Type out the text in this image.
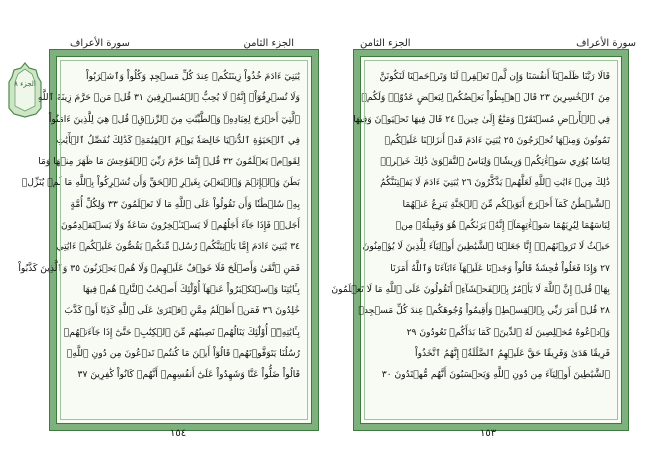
الجزء الثامن
سورة الأعراف
الجزء ٨
يَٰبَنِيٓ ءَادَمَ خُذُواْ زِينَتَكُمۡ عِندَ كُلِّ مَسۡجِدٖ وَكُلُواْ وَٱشۡرَبُواْ
وَلَا تُسۡرِفُوٓاْۚ إِنَّهُۥ لَا يُحِبُّ ٱلۡمُسۡرِفِينَ ٣١ قُلۡ مَنۡ حَرَّمَ زِينَةَ ٱللَّهِ
ٱلَّتِيٓ أَخۡرَجَ لِعِبَادِهِۦ وَٱلطَّيِّبَٰتِ مِنَ ٱلرِّزۡقِۚ قُلۡ هِيَ لِلَّذِينَ ءَامَنُواْ
فِي ٱلۡحَيَوٰةِ ٱلدُّنۡيَا خَالِصَةٗ يَوۡمَ ٱلۡقِيَٰمَةِۗ كَذَٰلِكَ نُفَصِّلُ ٱلۡأٓيَٰتِ
لِقَوۡمٖ يَعۡلَمُونَ ٣٢ قُلۡ إِنَّمَا حَرَّمَ رَبِّيَ ٱلۡفَوَٰحِشَ مَا ظَهَرَ مِنۡهَا وَمَا
بَطَنَ وَٱلۡإِثۡمَ وَٱلۡبَغۡيَ بِغَيۡرِ ٱلۡحَقِّ وَأَن تُشۡرِكُواْ بِٱللَّهِ مَا لَمۡ يُنَزِّلۡ
بِهِۦ سُلۡطَٰنٗا وَأَن تَقُولُواْ عَلَى ٱللَّهِ مَا لَا تَعۡلَمُونَ ٣٣ وَلِكُلِّ أُمَّةٍ
أَجَلٞۖ فَإِذَا جَآءَ أَجَلُهُمۡ لَا يَسۡتَـٔۡخِرُونَ سَاعَةٗ وَلَا يَسۡتَقۡدِمُونَ
٣٤ يَٰبَنِيٓ ءَادَمَ إِمَّا يَأۡتِيَنَّكُمۡ رُسُلٞ مِّنكُمۡ يَقُصُّونَ عَلَيۡكُمۡ ءَايَٰتِي
فَمَنِ ٱتَّقَىٰ وَأَصۡلَحَ فَلَا خَوۡفٌ عَلَيۡهِمۡ وَلَا هُمۡ يَحۡزَنُونَ ٣٥ وَٱلَّذِينَ كَذَّبُواْ
بِـَٔايَٰتِنَا وَٱسۡتَكۡبَرُواْ عَنۡهَآ أُوْلَٰٓئِكَ أَصۡحَٰبُ ٱلنَّارِۖ هُمۡ فِيهَا
خَٰلِدُونَ ٣٦ فَمَنۡ أَظۡلَمُ مِمَّنِ ٱفۡتَرَىٰ عَلَى ٱللَّهِ كَذِبًا أَوۡ كَذَّبَ
بِـَٔايَٰتِهِۦٓۚ أُوْلَٰٓئِكَ يَنَالُهُمۡ نَصِيبُهُم مِّنَ ٱلۡكِتَٰبِۖ حَتَّىٰٓ إِذَا جَآءَتۡهُمۡ
رُسُلُنَا يَتَوَفَّوۡنَهُمۡ قَالُوٓاْ أَيۡنَ مَا كُنتُمۡ تَدۡعُونَ مِن دُونِ ٱللَّهِۖ
قَالُواْ ضَلُّواْ عَنَّا وَشَهِدُواْ عَلَىٰٓ أَنفُسِهِمۡ أَنَّهُمۡ كَانُواْ كَٰفِرِينَ ٣٧
١٥٤
سورة الأعراف
الجزء الثامن
قَالَا رَبَّنَا ظَلَمۡنَآ أَنفُسَنَا وَإِن لَّمۡ تَغۡفِرۡ لَنَا وَتَرۡحَمۡنَا لَنَكُونَنَّ
مِنَ ٱلۡخَٰسِرِينَ ٢٣ قَالَ ٱهۡبِطُواْ بَعۡضُكُمۡ لِبَعۡضٍ عَدُوّٞۖ وَلَكُمۡ
فِي ٱلۡأَرۡضِ مُسۡتَقَرّٞ وَمَتَٰعٌ إِلَىٰ حِينٖ ٢٤ قَالَ فِيهَا تَحۡيَوۡنَ وَفِيهَا
تَمُوتُونَ وَمِنۡهَا تُخۡرَجُونَ ٢٥ يَٰبَنِيٓ ءَادَمَ قَدۡ أَنزَلۡنَا عَلَيۡكُمۡ
لِبَاسٗا يُوَٰرِي سَوۡءَٰتِكُمۡ وَرِيشٗاۖ وَلِبَاسُ ٱلتَّقۡوَىٰ ذَٰلِكَ خَيۡرٞۚ
ذَٰلِكَ مِنۡ ءَايَٰتِ ٱللَّهِ لَعَلَّهُمۡ يَذَّكَّرُونَ ٢٦ يَٰبَنِيٓ ءَادَمَ لَا يَفۡتِنَنَّكُمُ
ٱلشَّيۡطَٰنُ كَمَآ أَخۡرَجَ أَبَوَيۡكُم مِّنَ ٱلۡجَنَّةِ يَنزِعُ عَنۡهُمَا
لِبَاسَهُمَا لِيُرِيَهُمَا سَوۡءَٰتِهِمَآۚ إِنَّهُۥ يَرَىٰكُمۡ هُوَ وَقَبِيلُهُۥ مِنۡ
حَيۡثُ لَا تَرَوۡنَهُمۡۗ إِنَّا جَعَلۡنَا ٱلشَّيَٰطِينَ أَوۡلِيَآءَ لِلَّذِينَ لَا يُؤۡمِنُونَ
٢٧ وَإِذَا فَعَلُواْ فَٰحِشَةٗ قَالُواْ وَجَدۡنَا عَلَيۡهَآ ءَابَآءَنَا وَٱللَّهُ أَمَرَنَا
بِهَاۗ قُلۡ إِنَّ ٱللَّهَ لَا يَأۡمُرُ بِٱلۡفَحۡشَآءِۖ أَتَقُولُونَ عَلَى ٱللَّهِ مَا لَا تَعۡلَمُونَ
٢٨ قُلۡ أَمَرَ رَبِّي بِٱلۡقِسۡطِۖ وَأَقِيمُواْ وُجُوهَكُمۡ عِندَ كُلِّ مَسۡجِدٖ
وَٱدۡعُوهُ مُخۡلِصِينَ لَهُ ٱلدِّينَۚ كَمَا بَدَأَكُمۡ تَعُودُونَ ٢٩
فَرِيقًا هَدَىٰ وَفَرِيقًا حَقَّ عَلَيۡهِمُ ٱلضَّلَٰلَةُۚ إِنَّهُمُ ٱتَّخَذُواْ
ٱلشَّيَٰطِينَ أَوۡلِيَآءَ مِن دُونِ ٱللَّهِ وَيَحۡسَبُونَ أَنَّهُم مُّهۡتَدُونَ ٣٠
١٥٣
